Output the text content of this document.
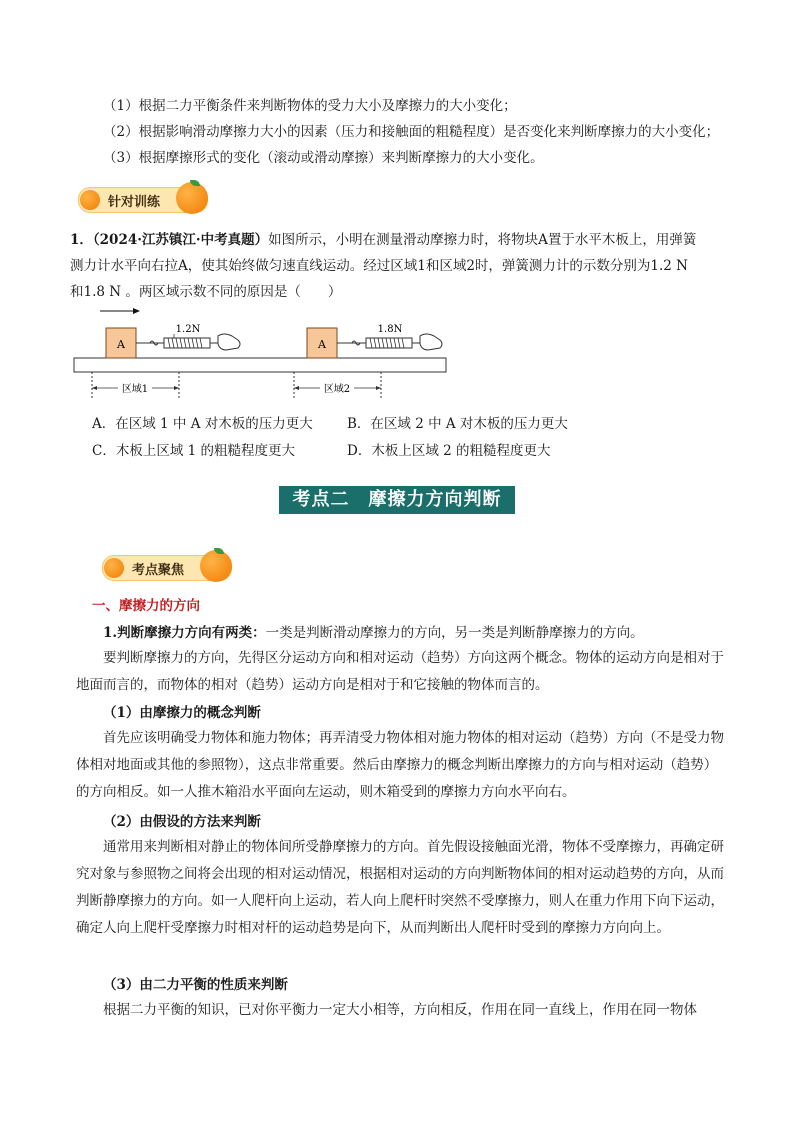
（1）根据二力平衡条件来判断物体的受力大小及摩擦力的大小变化；
（2）根据影响滑动摩擦力大小的因素（压力和接触面的粗糙程度）是否变化来判断摩擦力的大小变化；
（3）根据摩擦形式的变化（滚动或滑动摩擦）来判断摩擦力的大小变化。
针对训练
1．（2024·江苏镇江·中考真题）如图所示，小明在测量滑动摩擦力时，将物块A置于水平木板上，用弹簧
测力计水平向右拉A，使其始终做匀速直线运动。经过区域1和区域2时，弹簧测力计的示数分别为1.2 N
和1.8 N 。两区域示数不同的原因是（　　）
A
1.2N
A
1.8N
区域1	区域2
A．在区域 1 中 A 对木板的压力更大	B．在区域 2 中 A 对木板的压力更大
C．木板上区域 1 的粗糙程度更大	D．木板上区域 2 的粗糙程度更大
考点二　摩擦力方向判断
考点聚焦
一、摩擦力的方向
1.判断摩擦力方向有两类：一类是判断滑动摩擦力的方向，另一类是判断静摩擦力的方向。
要判断摩擦力的方向，先得区分运动方向和相对运动（趋势）方向这两个概念。物体的运动方向是相对于地面而言的，而物体的相对（趋势）运动方向是相对于和它接触的物体而言的。
（1）由摩擦力的概念判断
首先应该明确受力物体和施力物体；再弄清受力物体相对施力物体的相对运动（趋势）方向（不是受力物体相对地面或其他的参照物），这点非常重要。然后由摩擦力的概念判断出摩擦力的方向与相对运动（趋势）的方向相反。如一人推木箱沿水平面向左运动，则木箱受到的摩擦力方向水平向右。
（2）由假设的方法来判断
通常用来判断相对静止的物体间所受静摩擦力的方向。首先假设接触面光滑，物体不受摩擦力，再确定研究对象与参照物之间将会出现的相对运动情况，根据相对运动的方向判断物体间的相对运动趋势的方向，从而判断静摩擦力的方向。如一人爬杆向上运动，若人向上爬杆时突然不受摩擦力，则人在重力作用下向下运动，确定人向上爬杆受摩擦力时相对杆的运动趋势是向下，从而判断出人爬杆时受到的摩擦力方向向上。
（3）由二力平衡的性质来判断
根据二力平衡的知识，已对你平衡力一定大小相等，方向相反，作用在同一直线上，作用在同一物体
